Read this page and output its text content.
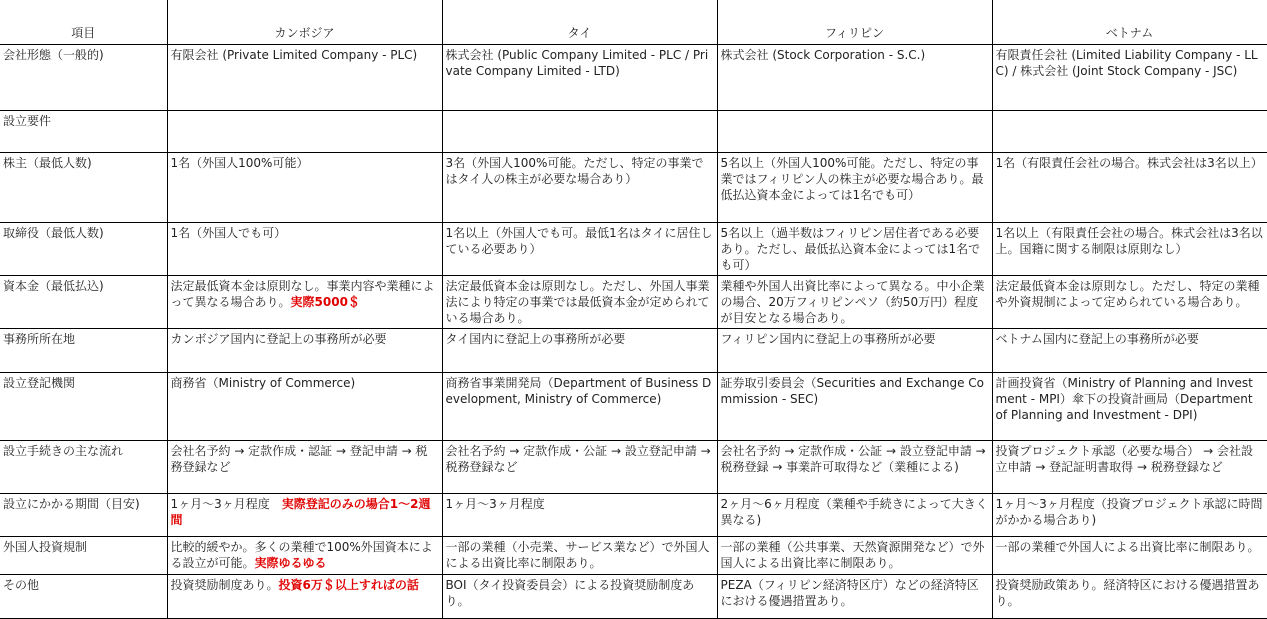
項目	カンボジア	タイ	フィリピン	ベトナム
会社形態（一般的)	有限会社 (Private Limited Company - PLC)	株式会社 (Public Company Limited - PLC / Private Company Limited - LTD)	株式会社 (Stock Corporation - S.C.)	有限責任会社 (Limited Liability Company - LLC) / 株式会社 (Joint Stock Company - JSC)
設立要件				
株主（最低人数)	1名（外国人100%可能）	3名（外国人100%可能。ただし、特定の事業ではタイ人の株主が必要な場合あり）	5名以上（外国人100%可能。ただし、特定の事業ではフィリピン人の株主が必要な場合あり。最低払込資本金によっては1名でも可）	1名（有限責任会社の場合。株式会社は3名以上）
取締役（最低人数)	1名（外国人でも可）	1名以上（外国人でも可。最低1名はタイに居住している必要あり）	5名以上（過半数はフィリピン居住者である必要あり。ただし、最低払込資本金によっては1名でも可）	1名以上（有限責任会社の場合。株式会社は3名以上。国籍に関する制限は原則なし）
資本金（最低払込)	法定最低資本金は原則なし。事業内容や業種によって異なる場合あり。実際5000＄	法定最低資本金は原則なし。ただし、外国人事業法により特定の事業では最低資本金が定められている場合あり。	業種や外国人出資比率によって異なる。中小企業の場合、20万フィリピンペソ（約50万円）程度が目安となる場合あり。	法定最低資本金は原則なし。ただし、特定の業種や外資規制によって定められている場合あり。
事務所所在地	カンボジア国内に登記上の事務所が必要	タイ国内に登記上の事務所が必要	フィリピン国内に登記上の事務所が必要	ベトナム国内に登記上の事務所が必要
設立登記機関	商務省（Ministry of Commerce)	商務省事業開発局（Department of Business Development, Ministry of Commerce)	証券取引委員会（Securities and Exchange Commission - SEC)	計画投資省（Ministry of Planning and Investment - MPI）傘下の投資計画局（Department of Planning and Investment - DPI)
設立手続きの主な流れ	会社名予約 → 定款作成・認証 → 登記申請 → 税務登録など	会社名予約 → 定款作成・公証 → 設立登記申請 → 税務登録など	会社名予約 → 定款作成・公証 → 設立登記申請 → 税務登録 → 事業許可取得など（業種による)	投資プロジェクト承認（必要な場合） → 会社設立申請 → 登記証明書取得 → 税務登録など
設立にかかる期間（目安)	1ヶ月〜3ヶ月程度　実際登記のみの場合1〜2週間	1ヶ月〜3ヶ月程度	2ヶ月〜6ヶ月程度（業種や手続きによって大きく異なる)	1ヶ月〜3ヶ月程度（投資プロジェクト承認に時間がかかる場合あり)
外国人投資規制	比較的緩やか。多くの業種で100%外国資本による設立が可能。実際ゆるゆる	一部の業種（小売業、サービス業など）で外国人による出資比率に制限あり。	一部の業種（公共事業、天然資源開発など）で外国人による出資比率に制限あり。	一部の業種で外国人による出資比率に制限あり。
その他	投資奨励制度あり。投資6万＄以上すればの話	BOI（タイ投資委員会）による投資奨励制度あり。	PEZA（フィリピン経済特区庁）などの経済特区における優遇措置あり。	投資奨励政策あり。経済特区における優遇措置あり。
